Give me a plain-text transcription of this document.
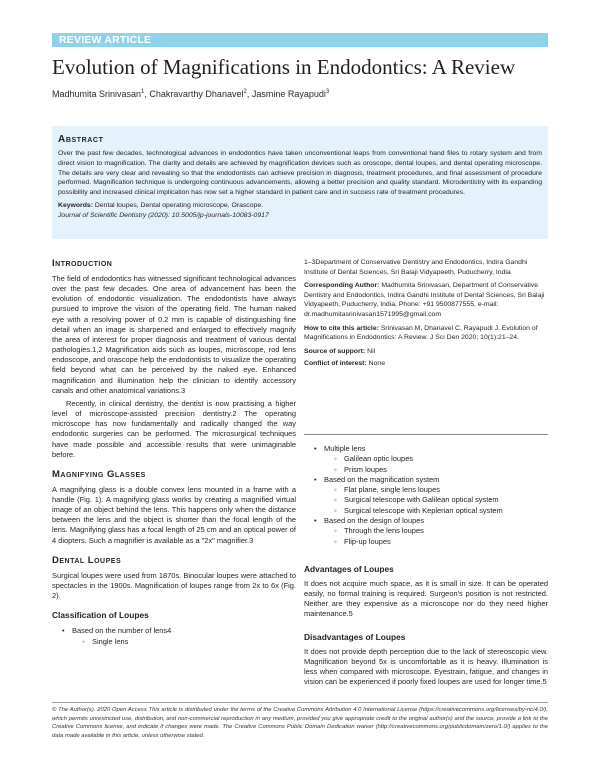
REVIEW ARTICLE
Evolution of Magnifications in Endodontics: A Review
Madhumita Srinivasan$^1$, Chakravarthy Dhanavel$^2$, Jasmine Rayapudi$^3$
Abstract

Over the past few decades, technological advances in endodontics have taken unconventional leaps from conventional hand files to rotary system and from direct vision to magnification. The clarity and details are achieved by magnification devices such as oroscope, dental loupes, and dental operating microscope. The details are very clear and revealing so that the endodontists can achieve precision in diagnosis, treatment procedures, and final assessment of procedure performed. Magnification technique is undergoing continuous advancements, allowing a better precision and quality standard. Microdentistry with its expanding possibility and increased clinical implication has now set a higher standard in patient care and in success rate of treatment procedures.

Keywords: Dental loupes, Dental operating microscope, Orascope.
Journal of Scientific Dentistry (2020): 10.5005/jp-journals-10083-0917
Introduction

The field of endodontics has witnessed significant technological advances over the past few decades. One area of advancement has been the evolution of endodontic visualization. The endodontists have always pursued to improve the vision of the operating field. The human naked eye with a resolving power of 0.2 mm is capable of distinguishing fine detail when an image is sharpened and enlarged to effectively magnify the area of interest for proper diagnosis and treatment of various dental pathologies.1,2 Magnification aids such as loupes, microscope, rod lens endoscope, and orascope help the endodontists to visualize the operating field beyond what can be perceived by the naked eye. Enhanced magnification and illumination help the clinician to identify accessory canals and other anatomical variations.3

Recently, in clinical dentistry, the dentist is now practising a higher level of microscope-assisted precision dentistry.2 The operating microscope has now fundamentally and radically changed the way endodontic surgeries can be performed. The microsurgical techniques have made possible and accessible results that were unimaginable before.

Magnifying Glasses

A magnifying glass is a double convex lens mounted in a frame with a handle (Fig. 1). A magnifying glass works by creating a magnified virtual image of an object behind the lens. This happens only when the distance between the lens and the object is shorter than the focal length of the lens. Magnifying glass has a focal length of 25 cm and an optical power of 4 diopters. Such a magnifier is available as a "2x" magnifier.3

Dental Loupes

Surgical loupes were used from 1870s. Binocular loupes were attached to spectacles in the 1900s. Magnification of loupes range from 2x to 6x (Fig. 2).

Classification of Loupes
• Based on the number of lens4
◦ Single lens

1–3Department of Conservative Dentistry and Endodontics, Indira Gandhi Institute of Dental Sciences, Sri Balaji Vidyapeeth, Puducherry, India

Corresponding Author: Madhumita Srinivasan, Department of Conservative Dentistry and Endodontics, Indira Gandhi Institute of Dental Sciences, Sri Balaji Vidyapeeth, Puducherry, India, Phone: +91 9500877555, e-mail: dr.madhumitasrinivasan1571995@gmail.com

How to cite this article: Srinivasan M, Dhanavel C, Rayapudi J. Evolution of Magnifications in Endodontics: A Review. J Sci Den 2020; 10(1):21–24.

Source of support: Nil

Conflict of interest: None

• Multiple lens
◦ Galilean optic loupes
◦ Prism loupes
• Based on the magnification system
◦ Flat plane, single lens loupes
◦ Surgical telescope with Galilean optical system
◦ Surgical telescope with Keplerian optical system
• Based on the design of loupes
◦ Through the lens loupes
◦ Flip-up loupes
Advantages of Loupes

It does not acquire much space, as it is small in size. It can be operated easily, no formal training is required. Surgeon's position is not restricted. Neither are they expensive as a microscope nor do they need higher maintenance.5

Disadvantages of Loupes

It does not provide depth perception due to the lack of stereoscopic view. Magnification beyond 5x is uncomfortable as it is heavy. Illumination is less when compared with microscope. Eyestrain, fatigue, and changes in vision can be experienced if poorly fixed loupes are used for longer time.5

© The Author(s). 2020 Open Access This article is distributed under the terms of the Creative Commons Attribution 4.0 International License (https://creativecommons.org/licenses/by-nc/4.0/), which permits unrestricted use, distribution, and non-commercial reproduction in any medium, provided you give appropriate credit to the original author(s) and the source, provide a link to the Creative Commons license, and indicate if changes were made. The Creative Commons Public Domain Dedication waiver (http://creativecommons.org/publicdomain/zero/1.0/) applies to the data made available in this article, unless otherwise stated.
